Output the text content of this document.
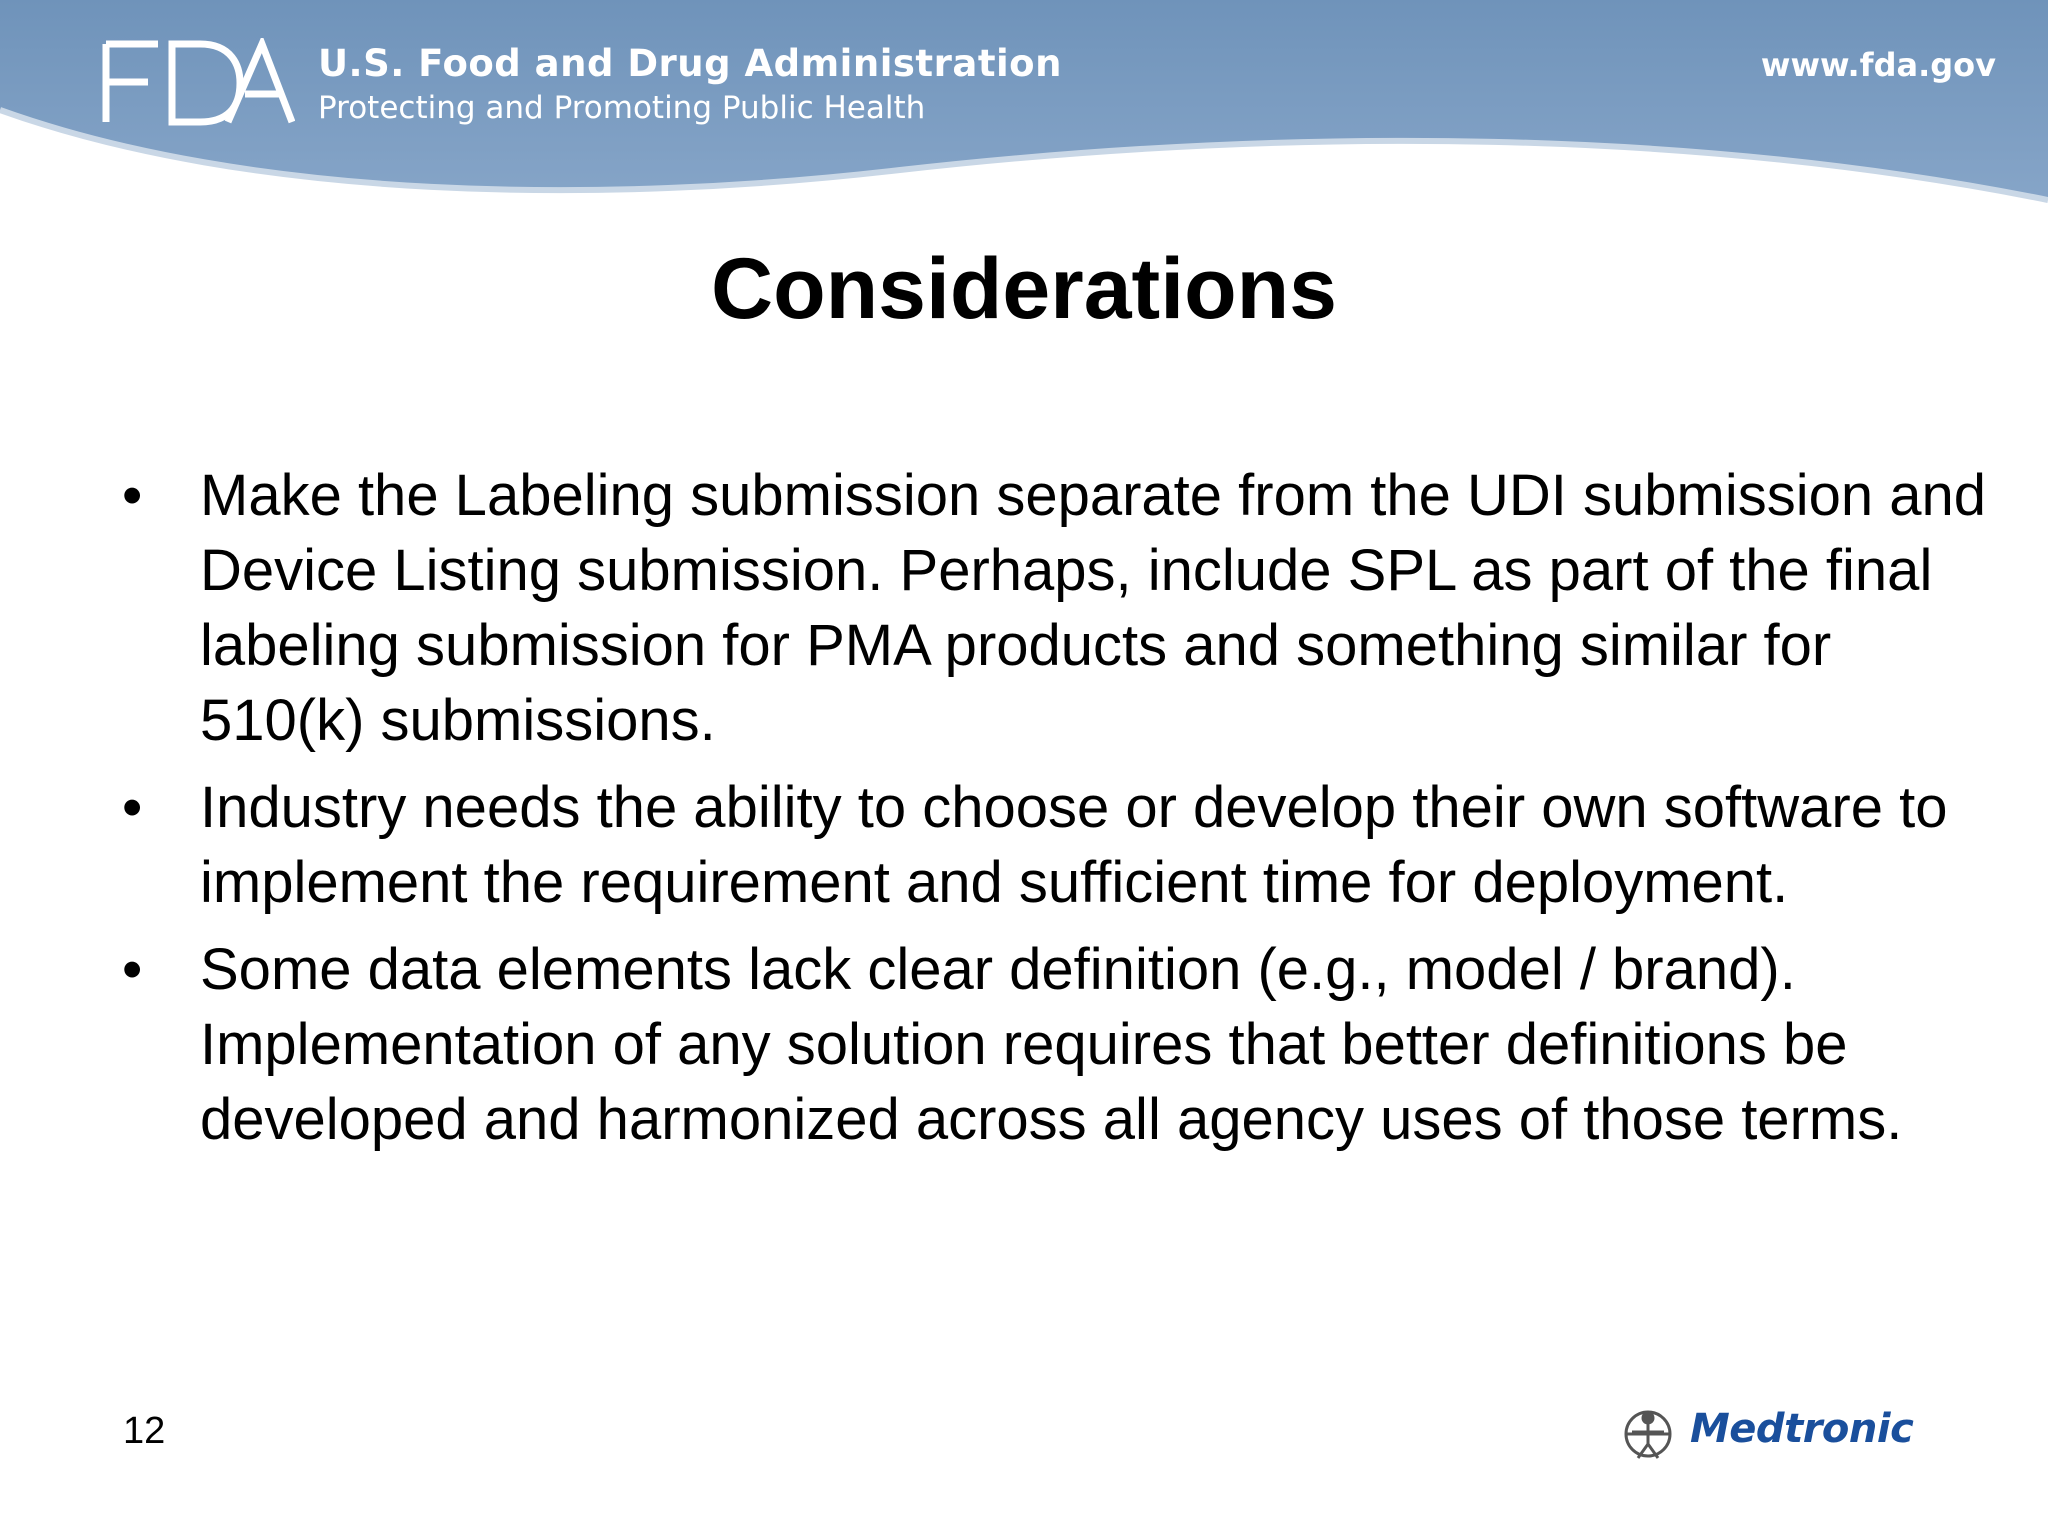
U.S. Food and Drug Administration
Protecting and Promoting Public Health
www.fda.gov
Considerations
• Make the Labeling submission separate from the UDI submission and Device Listing submission. Perhaps, include SPL as part of the final labeling submission for PMA products and something similar for 510(k) submissions.
• Industry needs the ability to choose or develop their own software to implement the requirement and sufficient time for deployment.
• Some data elements lack clear definition (e.g., model / brand). Implementation of any solution requires that better definitions be developed and harmonized across all agency uses of those terms.
12	Medtronic
